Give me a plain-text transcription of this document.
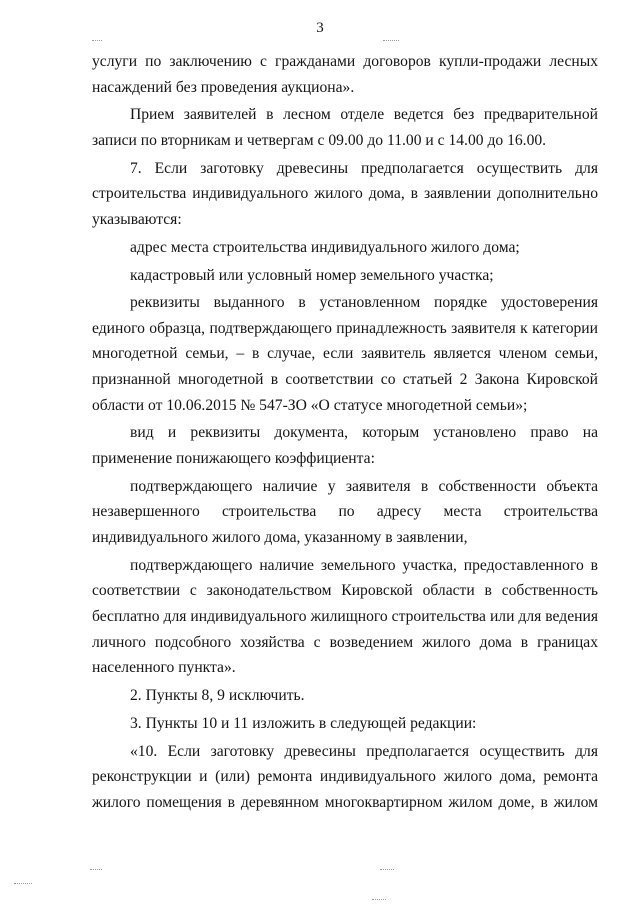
3

услуги по заключению с гражданами договоров купли-продажи лесных насаждений без проведения аукциона».

Прием заявителей в лесном отделе ведется без предварительной записи по вторникам и четвергам с 09.00 до 11.00 и с 14.00 до 16.00.

7. Если заготовку древесины предполагается осуществить для строительства индивидуального жилого дома, в заявлении дополнительно указываются:

адрес места строительства индивидуального жилого дома;

кадастровый или условный номер земельного участка;

реквизиты выданного в установленном порядке удостоверения единого образца, подтверждающего принадлежность заявителя к категории многодетной семьи, – в случае, если заявитель является членом семьи, признанной многодетной в соответствии со статьей 2 Закона Кировской области от 10.06.2015 № 547-ЗО «О статусе многодетной семьи»;

вид и реквизиты документа, которым установлено право на применение понижающего коэффициента:

подтверждающего наличие у заявителя в собственности объекта незавершенного строительства по адресу места строительства индивидуального жилого дома, указанному в заявлении,

подтверждающего наличие земельного участка, предоставленного в соответствии с законодательством Кировской области в собственность бесплатно для индивидуального жилищного строительства или для ведения личного подсобного хозяйства с возведением жилого дома в границах населенного пункта».

2. Пункты 8, 9 исключить.

3. Пункты 10 и 11 изложить в следующей редакции:

«10. Если заготовку древесины предполагается осуществить для реконструкции и (или) ремонта индивидуального жилого дома, ремонта жилого помещения в деревянном многоквартирном жилом доме, в жилом
